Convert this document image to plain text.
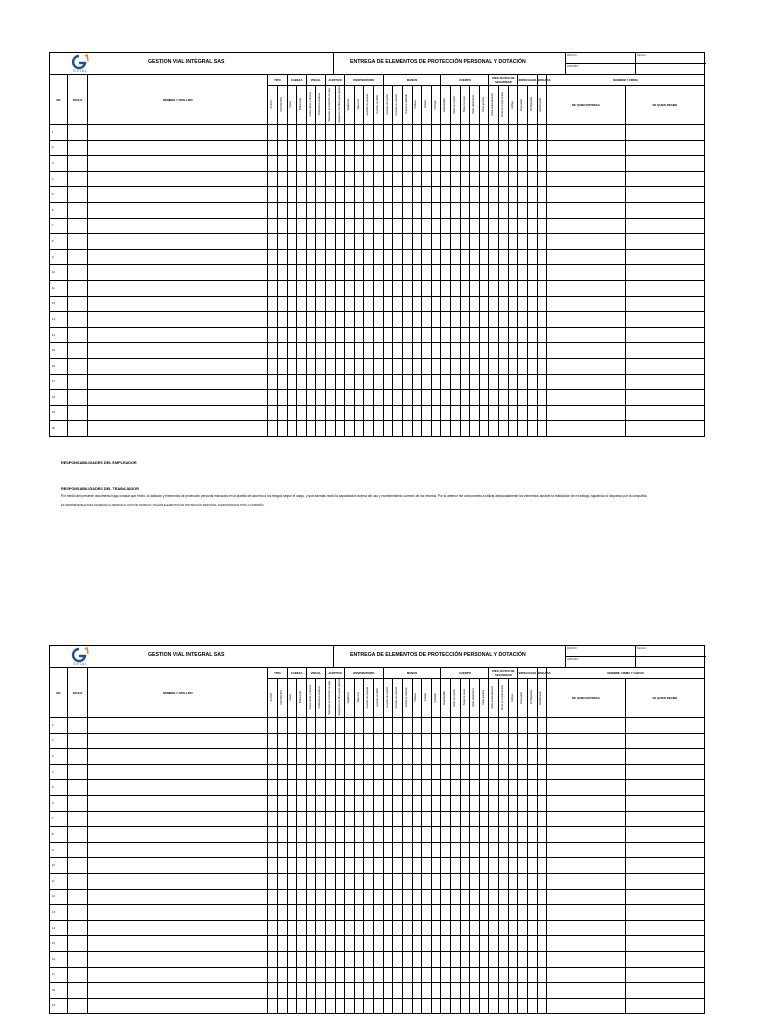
G V I A L
GESTION VIAL INTEGRAL SAS	ENTREGA DE ELEMENTOS DE PROTECCIÓN PERSONAL Y DOTACIÓN
REVISO:	FECHA:
APROBO:
NO	FECHA	NOMBRE Y APELLIDO	TIPO		CABEZA		VISUAL		AUDITIVO		RESPIRATORIO				MANOS						CUERPO					PIES: BOTAS DE SEGURIDAD			ESPECIALES		BRIGADA	NOMBRE Y FIRMA	
			NUEVO	REPOSICIÓN	Casco	Barbuquejo	Gafas claras y oscuras	Protectores auditivos	Tapaoídos de inserción de copa	Respirador con filtros para vapores	Tapabocas	Tapa oído	Guantes de vaqueta	Guantes de nitrilo	Guantes de caucho	Guantes de carnaza	Overol de dotación	Chaleco	Camisa	Pantalón	Impermeable	Botas de caucho	Botas de cuero	Botas dieléctricas	Botas puntera	Botas antideslizantes	Arnés de cuerpo entero	Eslinga	Mosquetón	Kit Brigadista	Identificación	DE QUIEN ENTREGA	DE QUIEN RECIBE
1																																	
2																																	
3																																	
4																																	
5																																	
6																																	
7																																	
8																																	
9																																	
10																																	
11																																	
12																																	
13																																	
14																																	
15																																	
16																																	
17																																	
18																																	
19																																	
20																																	
RESPONSABILIDADES DEL EMPLEADOR
RESPONSABILIDADES DEL TRABAJADOR
Por medio del presente documento hago constar que recibí, la dotación y elementos de protección personal marcados en la planilla de acuerdo a los riesgos segun el cargo, y que además recibí la capacitación acerca del uso y mantenimiento correcto de los mismos. Por lo anterior me comprometo a utilizar adecuadamente los elementos durante la realización de mi trabajo, siguiendo lo dispuesto por la compañía.
ES INDISPENSABLE PARA INGRESAR A LABORAR AL SITIO DE TRABAJO UTILIZAR ELEMENTOS DE PROTECCIÓN PERSONAL SUMINISTRADOS POR LA COMPAÑÍA.
G V I A L
GESTION VIAL INTEGRAL SAS	ENTREGA DE ELEMENTOS DE PROTECCIÓN PERSONAL Y DOTACIÓN
REVISO:	FECHA:
APROBO:
NO	FECHA	NOMBRE Y APELLIDO	TIPO		CABEZA		VISUAL		AUDITIVO		RESPIRATORIO				MANOS						CUERPO					PIES: BOTAS DE SEGURIDAD			ESPECIALES		BRIGADA	NOMBRE, FIRMA Y CARGO	
			NUEVO	REPOSICIÓN	Casco	Barbuquejo	Gafas claras y oscuras	Protectores auditivos	Tapaoídos de inserción de copa	Respirador con filtros para vapores	Tapabocas	Tapa oído	Guantes de vaqueta	Guantes de nitrilo	Guantes de caucho	Guantes de carnaza	Overol de dotación	Chaleco	Camisa	Pantalón	Impermeable	Botas de caucho	Botas de cuero	Botas dieléctricas	Botas puntera	Botas antideslizantes	Arnés de cuerpo entero	Eslinga	Mosquetón	Kit Brigadista	Identificación	DE QUIEN ENTREGA	DE QUIEN RECIBE
1																																	
2																																	
3																																	
4																																	
5																																	
6																																	
7																																	
8																																	
9																																	
10																																	
11																																	
12																																	
13																																	
14																																	
15																																	
16																																	
17																																	
18																																	
19																																	
